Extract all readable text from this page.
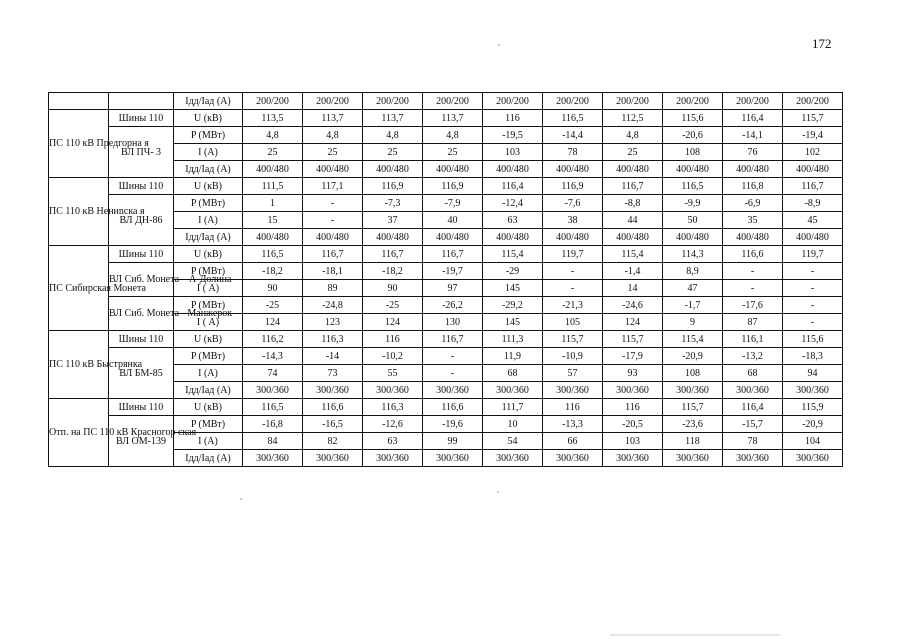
172
		Iдд/Iад (А)	200/200	200/200	200/200	200/200	200/200	200/200	200/200	200/200	200/200	200/200
ПС 110 кВ Предгорна я	Шины 110	U (кВ)	113,5	113,7	113,7	113,7	116	116,5	112,5	115,6	116,4	115,7
	ВЛ ПЧ- 3	P (МВт)	4,8	4,8	4,8	4,8	-19,5	-14,4	4,8	-20,6	-14,1	-19,4
		I (А)	25	25	25	25	103	78	25	108	76	102
		Iдд/Iад (А)	400/480	400/480	400/480	400/480	400/480	400/480	400/480	400/480	400/480	400/480
ПС 110 кВ Нениnска я	Шины 110	U (кВ)	111,5	117,1	116,9	116,9	116,4	116,9	116,7	116,5	116,8	116,7
	ВЛ ДН-86	P (МВт)	1	-	-7,3	-7,9	-12,4	-7,6	-8,8	-9,9	-6,9	-8,9
		I (А)	15	-	37	40	63	38	44	50	35	45
		Iдд/Iад (А)	400/480	400/480	400/480	400/480	400/480	400/480	400/480	400/480	400/480	400/480
ПС Сибирская Монета	Шины 110	U (кВ)	116,5	116,7	116,7	116,7	115,4	119,7	115,4	114,3	116,6	119,7
	ВЛ Сиб. Монета – А-Долина	P (МВт)	-18,2	-18,1	-18,2	-19,7	-29	-	-1,4	8,9	-	-
		I ( А)	90	89	90	97	145	-	14	47	-	-
	ВЛ Сиб. Монета - Манжерок	P (МВт)	-25	-24,8	-25	-26,2	-29,2	-21,3	-24,6	-1,7	-17,6	-
		I ( А)	124	123	124	130	145	105	124	9	87	-
ПС 110 кВ Быстрянка	Шины 110	U (кВ)	116,2	116,3	116	116,7	111,3	115,7	115,7	115,4	116,1	115,6
	ВЛ БМ-85	P (МВт)	-14,3	-14	-10,2	-	11,9	-10,9	-17,9	-20,9	-13,2	-18,3
		I (А)	74	73	55	-	68	57	93	108	68	94
		Iдд/Iад (А)	300/360	300/360	300/360	300/360	300/360	300/360	300/360	300/360	300/360	300/360
Отп. на ПС 110 кВ Красногор ская	Шины 110	U (кВ)	116,5	116,6	116,3	116,6	111,7	116	116	115,7	116,4	115,9
	ВЛ ОМ-139	P (МВт)	-16,8	-16,5	-12,6	-19,6	10	-13,3	-20,5	-23,6	-15,7	-20,9
		I (А)	84	82	63	99	54	66	103	118	78	104
		Iдд/Iад (А)	300/360	300/360	300/360	300/360	300/360	300/360	300/360	300/360	300/360	300/360
